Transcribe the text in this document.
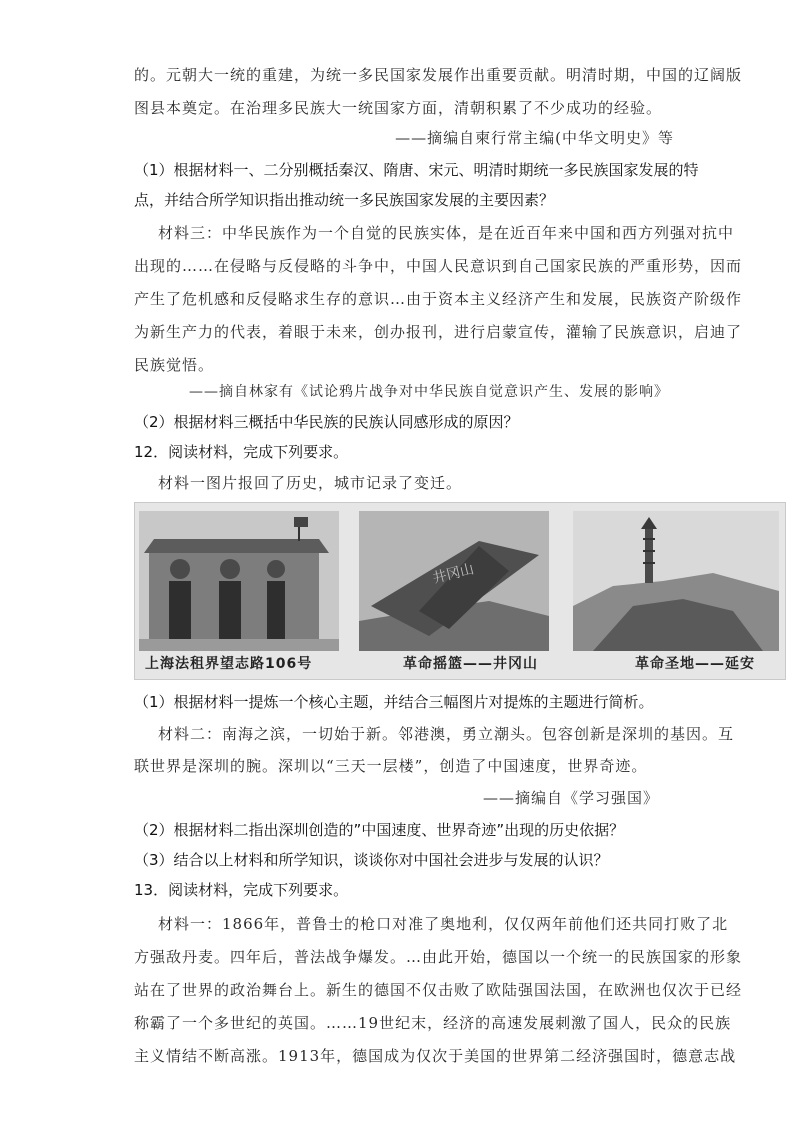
的。元朝大一统的重建，为统一多民国家发展作出重要贡献。明清时期，中国的辽阔版
图县本奠定。在治理多民族大一统国家方面，清朝积累了不少成功的经验。
——摘编自柬行常主编(中华文明史》等
（1）根据材料一、二分别概括秦汉、隋唐、宋元、明清时期统一多民族国家发展的特
点，并结合所学知识指出推动统一多民族国家发展的主要因素？
材料三：中华民族作为一个自觉的民族实体，是在近百年来中国和西方列强对抗中
出现的……在侵略与反侵略的斗争中，中国人民意识到自己国家民族的严重形势，因而
产生了危机感和反侵略求生存的意识…由于资本主义经济产生和发展，民族资产阶级作
为新生产力的代表，着眼于未来，创办报刊，进行启蒙宣传，灌输了民族意识，启迪了
民族觉悟。
——摘自林家有《试论鸦片战争对中华民族自觉意识产生、发展的影响》
（2）根据材料三概括中华民族的民族认同感形成的原因？
12．阅读材料，完成下列要求。
材料一图片报回了历史，城市记录了变迁。
井冈山
上海法租界望志路106号	革命摇篮——井冈山	革命圣地——延安
（1）根据材料一提炼一个核心主题，并结合三幅图片对提炼的主题进行简析。
材料二：南海之滨，一切始于新。邻港澳，勇立潮头。包容创新是深圳的基因。互
联世界是深圳的腕。深圳以“三天一层楼”，创造了中国速度，世界奇迹。
——摘编自《学习强国》
（2）根据材料二指出深圳创造的”中国速度、世界奇迹”出现的历史依据？
（3）结合以上材料和所学知识，谈谈你对中国社会进步与发展的认识？
13．阅读材料，完成下列要求。
材料一：1866年，普鲁士的枪口对准了奥地利，仅仅两年前他们还共同打败了北
方强敌丹麦。四年后，普法战争爆发。…由此开始，德国以一个统一的民族国家的形象
站在了世界的政治舞台上。新生的德国不仅击败了欧陆强国法国，在欧洲也仅次于已经
称霸了一个多世纪的英国。……19世纪末，经济的高速发展刺激了国人，民众的民族
主义情结不断高涨。1913年，德国成为仅次于美国的世界第二经济强国时，德意志战
